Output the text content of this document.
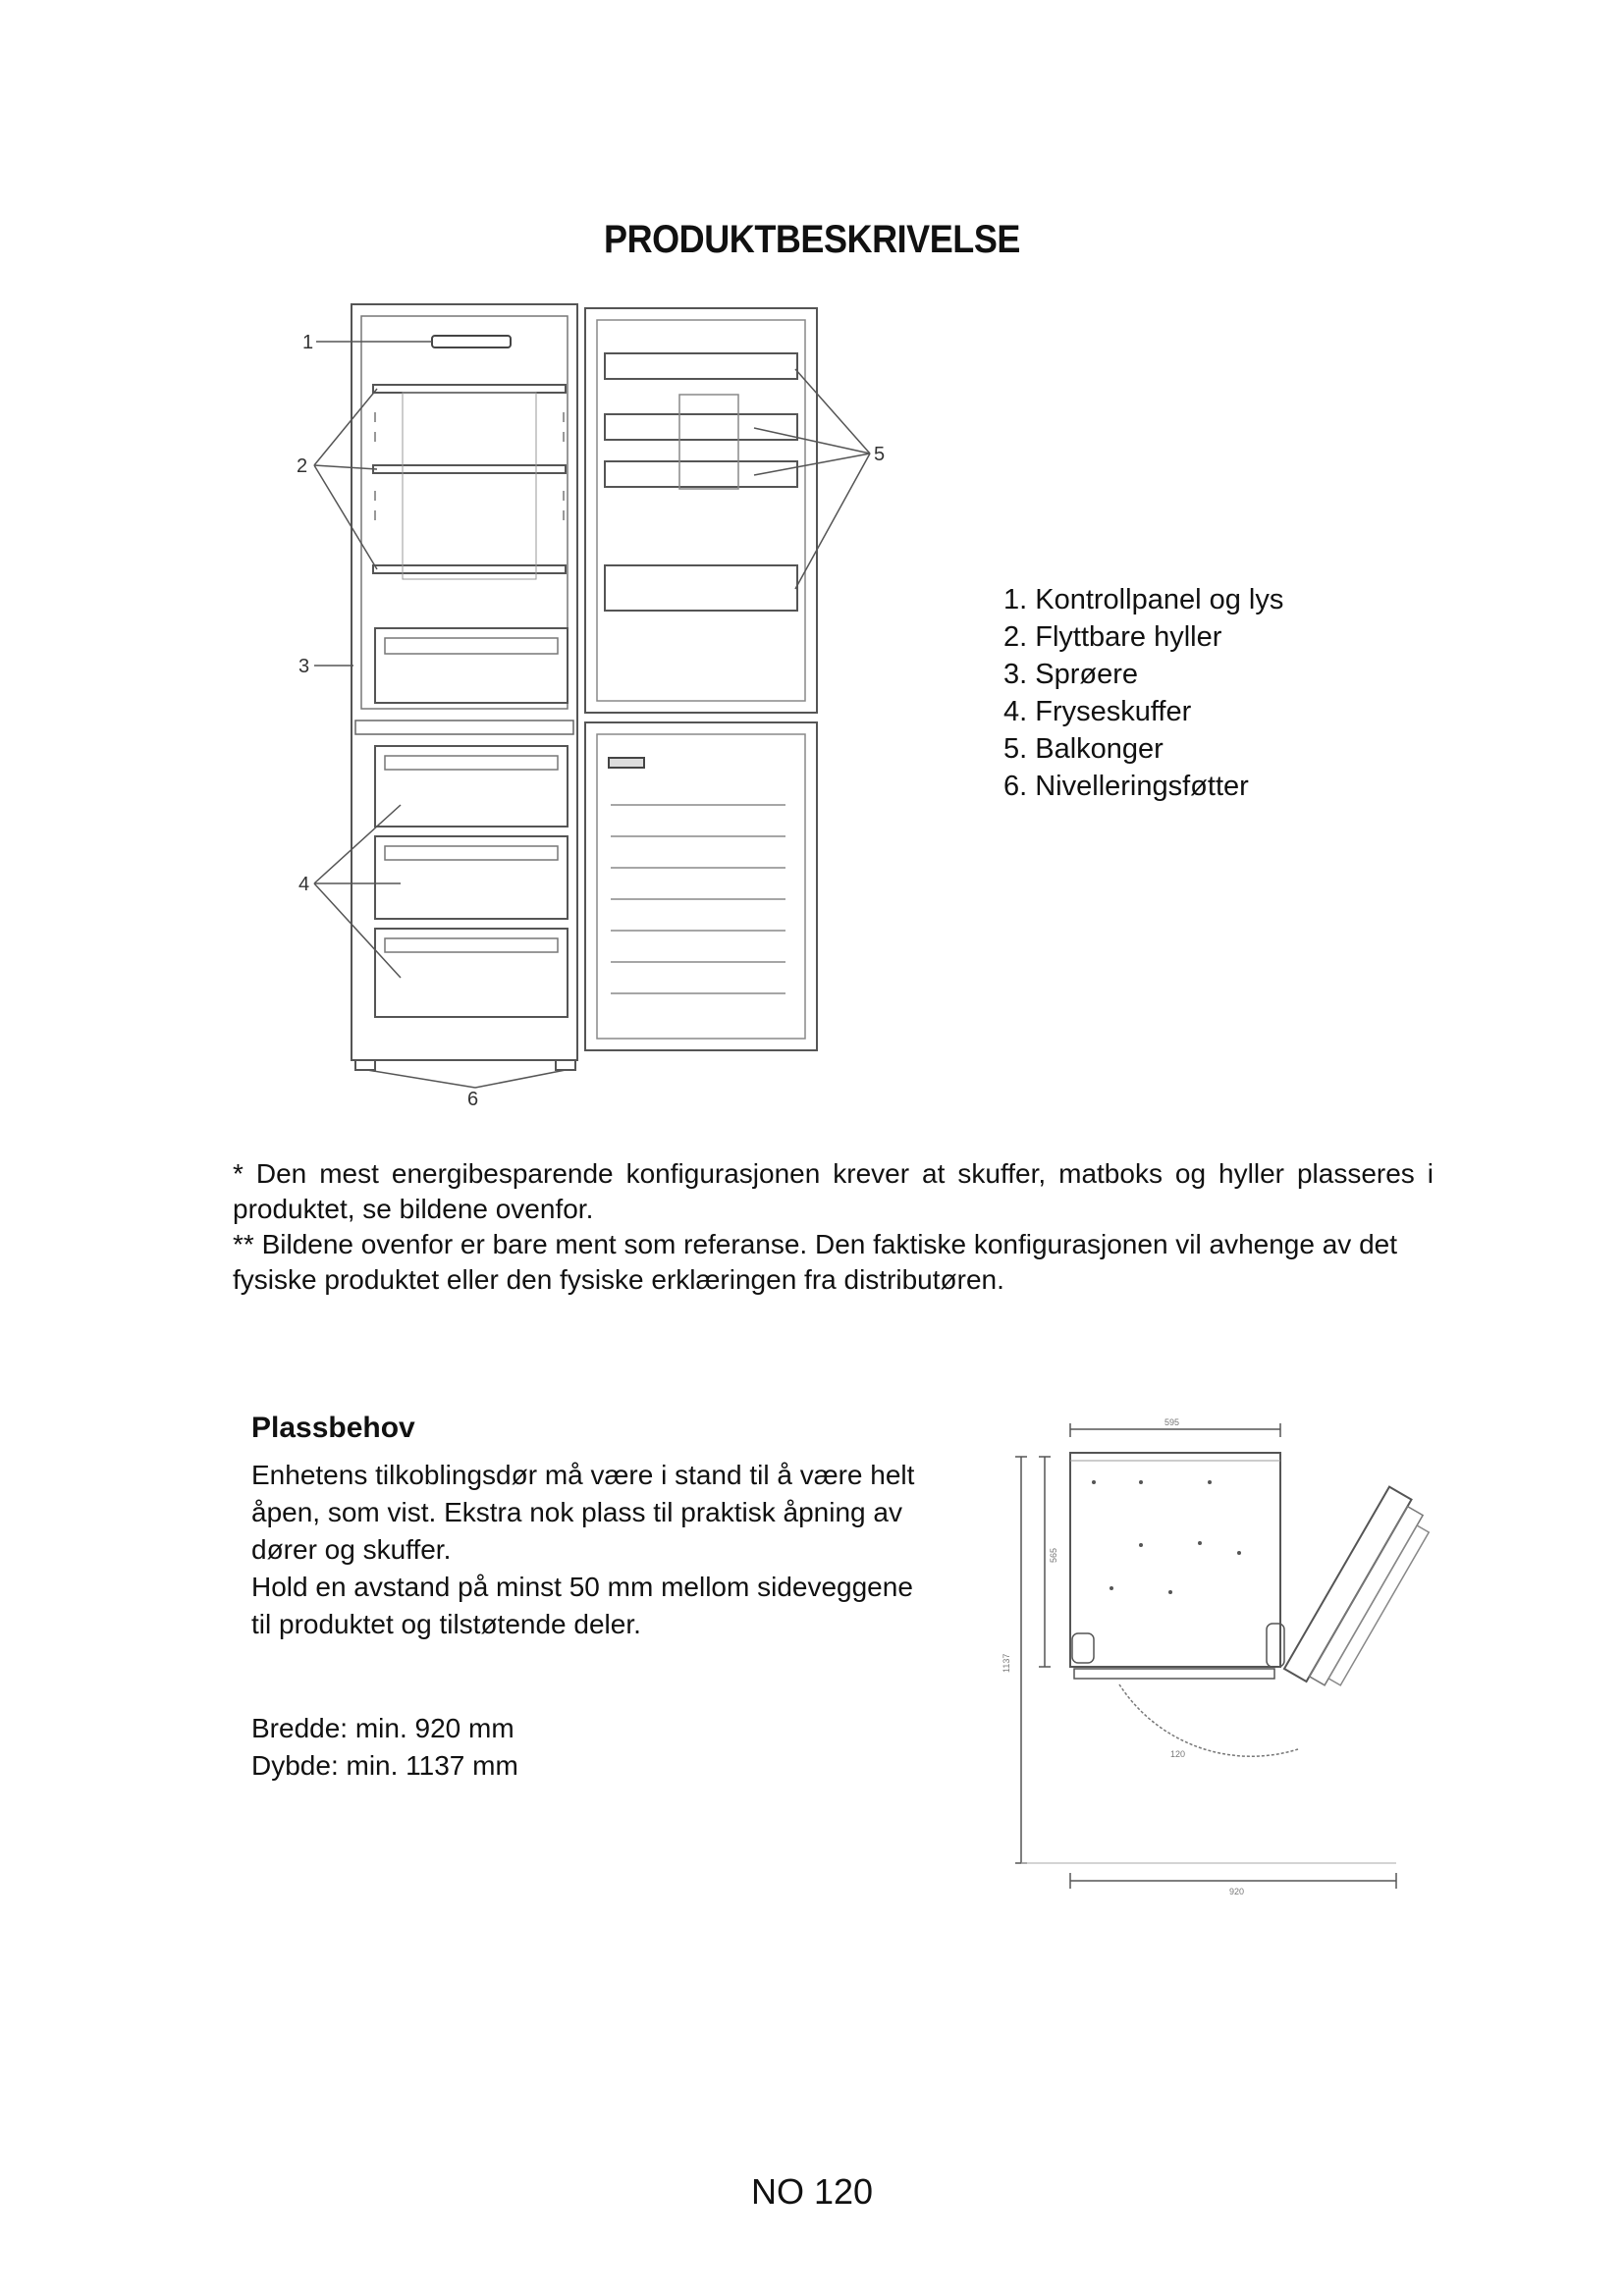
PRODUKTBESKRIVELSE
1
2
3
4
5
6
1. Kontrollpanel og lys
2. Flyttbare hyller
3. Sprøere
4. Fryseskuffer
5. Balkonger
6. Nivelleringsføtter

* Den mest energibesparende konfigurasjonen krever at skuffer, matboks og hyller plasseres i produktet, se bildene ovenfor.

** Bildene ovenfor er bare ment som referanse. Den faktiske konfigurasjonen vil avhenge av det fysiske produktet eller den fysiske erklæringen fra distributøren.

Plassbehov

Enhetens tilkoblingsdør må være i stand til å være helt åpen, som vist. Ekstra nok plass til praktisk åpning av dører og skuffer.

Hold en avstand på minst 50 mm mellom sideveggene til produktet og tilstøtende deler.

Bredde: min. 920 mm

Dybde: min. 1137 mm

595
1137
565
920
120
NO 120
